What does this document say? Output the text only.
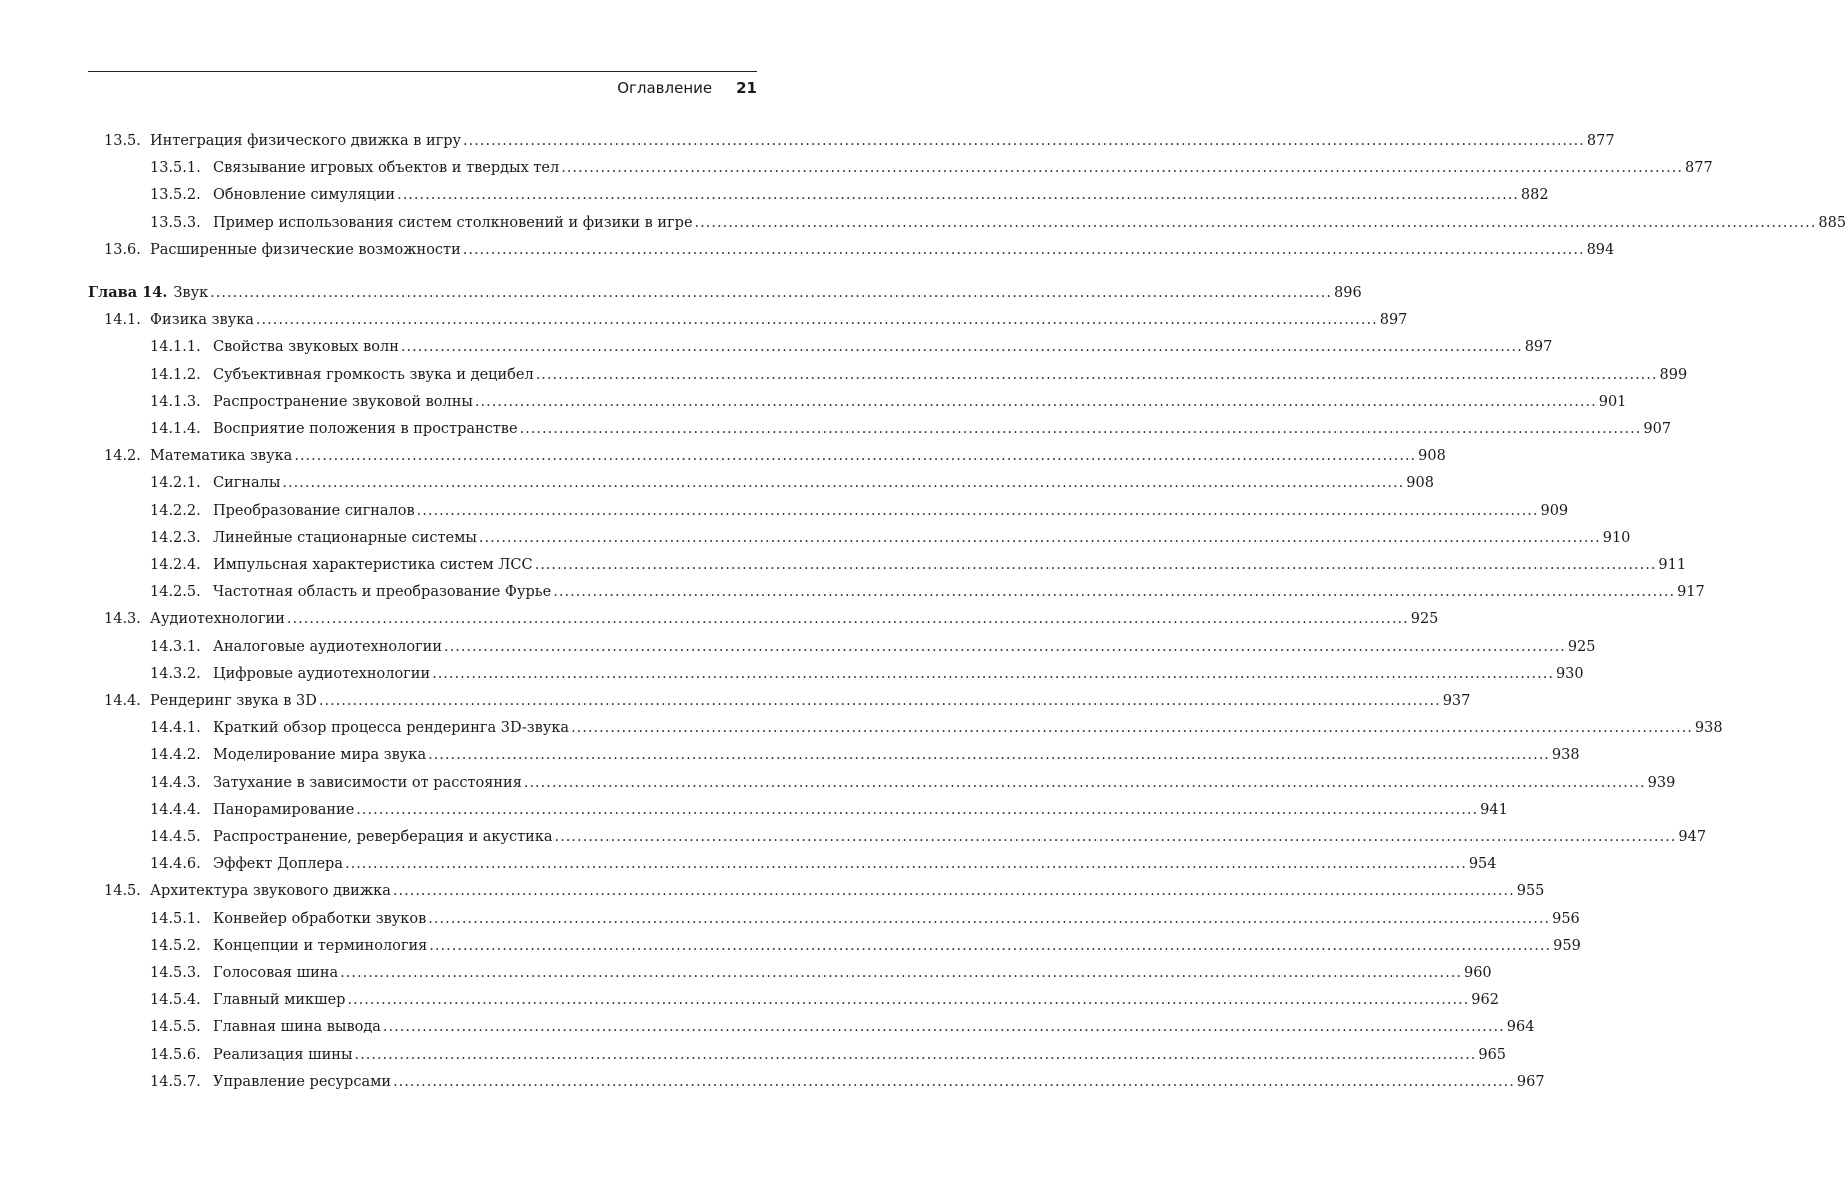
Оглавление 21
13.5. Интеграция физического движка в игру ........................................................................................................................................................................................................ 877
13.5.1. Связывание игровых объектов и твердых тел ........................................................................................................................................................................................................ 877
13.5.2. Обновление симуляции ........................................................................................................................................................................................................ 882
13.5.3. Пример использования систем столкновений и физики в игре ........................................................................................................................................................................................................ 885
13.6. Расширенные физические возможности ........................................................................................................................................................................................................ 894
Глава 14. Звук ........................................................................................................................................................................................................ 896
14.1. Физика звука ........................................................................................................................................................................................................ 897
14.1.1. Свойства звуковых волн ........................................................................................................................................................................................................ 897
14.1.2. Субъективная громкость звука и децибел ........................................................................................................................................................................................................ 899
14.1.3. Распространение звуковой волны ........................................................................................................................................................................................................ 901
14.1.4. Восприятие положения в пространстве ........................................................................................................................................................................................................ 907
14.2. Математика звука ........................................................................................................................................................................................................ 908
14.2.1. Сигналы ........................................................................................................................................................................................................ 908
14.2.2. Преобразование сигналов ........................................................................................................................................................................................................ 909
14.2.3. Линейные стационарные системы ........................................................................................................................................................................................................ 910
14.2.4. Импульсная характеристика систем ЛСС ........................................................................................................................................................................................................ 911
14.2.5. Частотная область и преобразование Фурье ........................................................................................................................................................................................................ 917
14.3. Аудиотехнологии ........................................................................................................................................................................................................ 925
14.3.1. Аналоговые аудиотехнологии ........................................................................................................................................................................................................ 925
14.3.2. Цифровые аудиотехнологии ........................................................................................................................................................................................................ 930
14.4. Рендеринг звука в 3D ........................................................................................................................................................................................................ 937
14.4.1. Краткий обзор процесса рендеринга 3D-звука ........................................................................................................................................................................................................ 938
14.4.2. Моделирование мира звука ........................................................................................................................................................................................................ 938
14.4.3. Затухание в зависимости от расстояния ........................................................................................................................................................................................................ 939
14.4.4. Панорамирование ........................................................................................................................................................................................................ 941
14.4.5. Распространение, реверберация и акустика ........................................................................................................................................................................................................ 947
14.4.6. Эффект Доплера ........................................................................................................................................................................................................ 954
14.5. Архитектура звукового движка ........................................................................................................................................................................................................ 955
14.5.1. Конвейер обработки звуков ........................................................................................................................................................................................................ 956
14.5.2. Концепции и терминология ........................................................................................................................................................................................................ 959
14.5.3. Голосовая шина ........................................................................................................................................................................................................ 960
14.5.4. Главный микшер ........................................................................................................................................................................................................ 962
14.5.5. Главная шина вывода ........................................................................................................................................................................................................ 964
14.5.6. Реализация шины ........................................................................................................................................................................................................ 965
14.5.7. Управление ресурсами ........................................................................................................................................................................................................ 967
